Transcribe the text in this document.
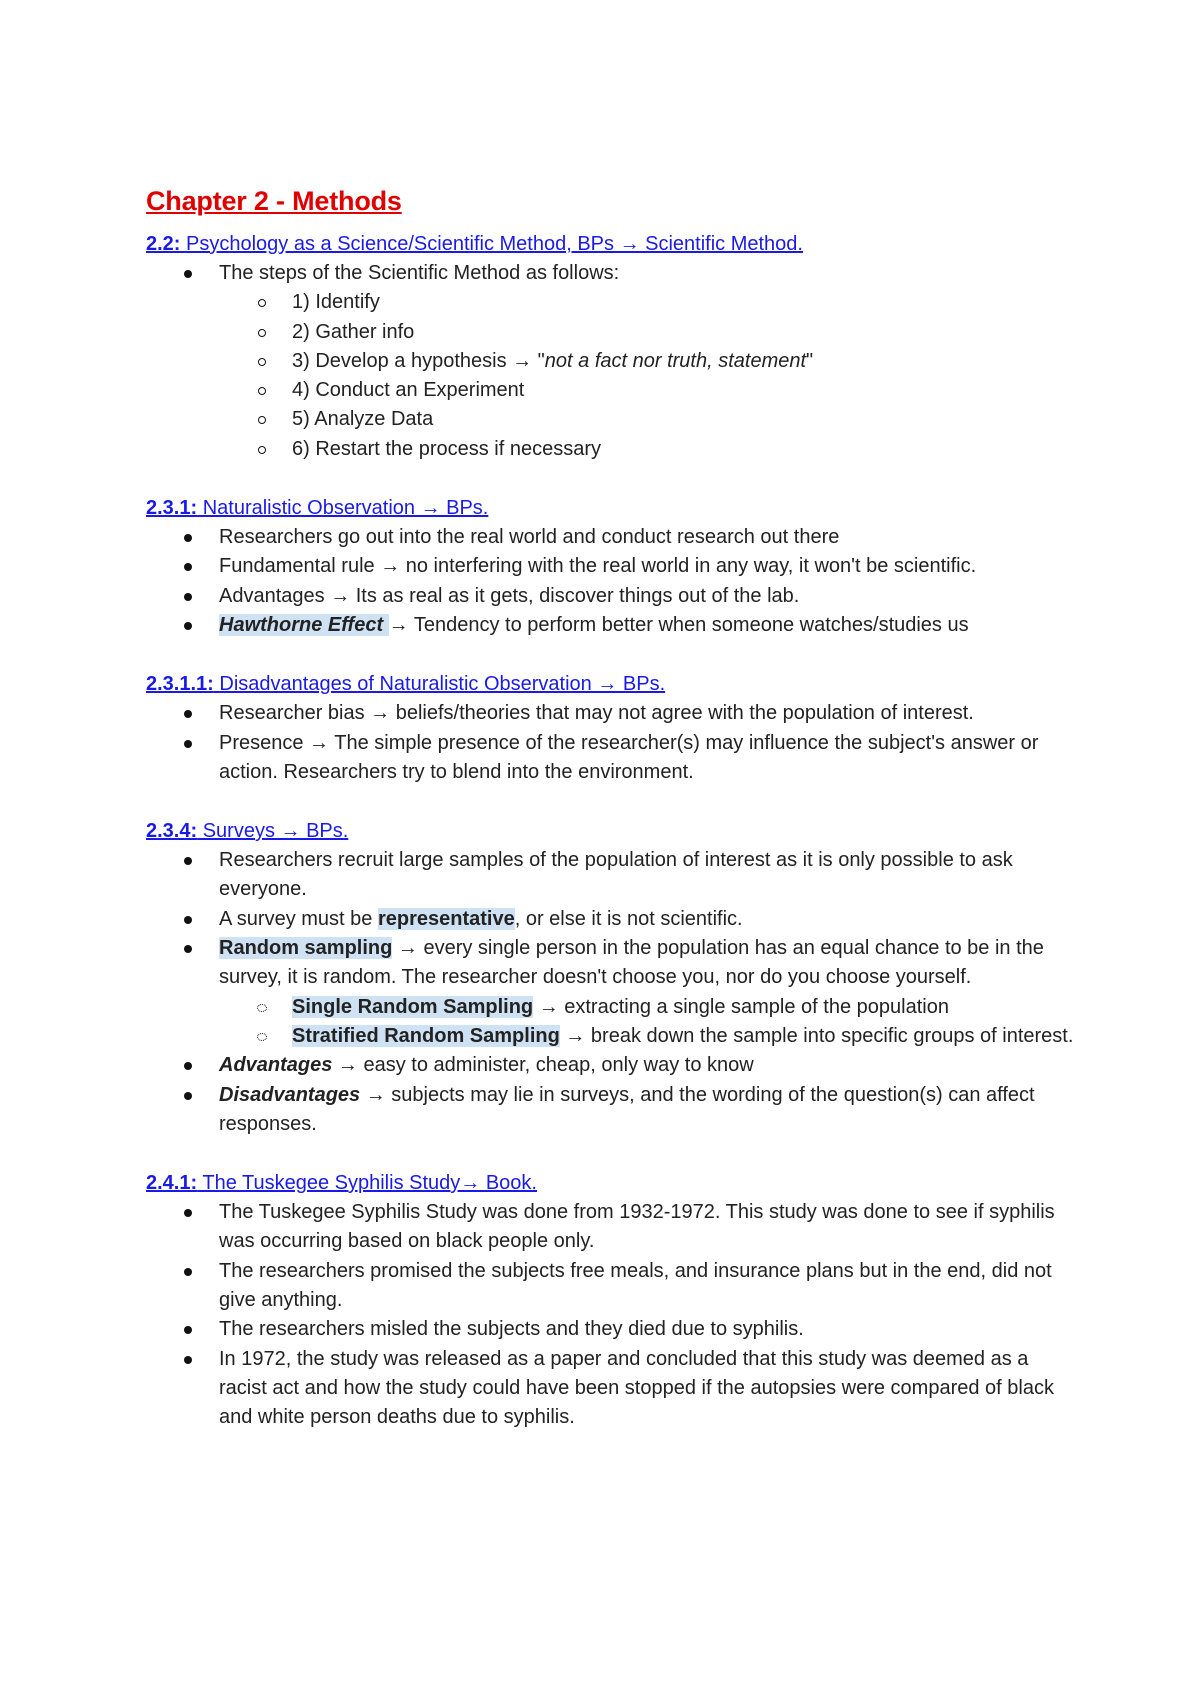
Chapter 2 - Methods
2.2: Psychology as a Science/Scientific Method, BPs → Scientific Method.
The steps of the Scientific Method as follows:
1) Identify
2) Gather info
3) Develop a hypothesis → "not a fact nor truth, statement"
4) Conduct an Experiment
5) Analyze Data
6) Restart the process if necessary
2.3.1: Naturalistic Observation → BPs.
Researchers go out into the real world and conduct research out there
Fundamental rule → no interfering with the real world in any way, it won't be scientific.
Advantages → Its as real as it gets, discover things out of the lab.
Hawthorne Effect → Tendency to perform better when someone watches/studies us
2.3.1.1: Disadvantages of Naturalistic Observation → BPs.
Researcher bias → beliefs/theories that may not agree with the population of interest.
Presence → The simple presence of the researcher(s) may influence the subject's answer or action. Researchers try to blend into the environment.
2.3.4: Surveys → BPs.
Researchers recruit large samples of the population of interest as it is only possible to ask everyone.
A survey must be representative, or else it is not scientific.
Random sampling → every single person in the population has an equal chance to be in the survey, it is random. The researcher doesn't choose you, nor do you choose yourself.
Single Random Sampling → extracting a single sample of the population
Stratified Random Sampling → break down the sample into specific groups of interest.
Advantages → easy to administer, cheap, only way to know
Disadvantages → subjects may lie in surveys, and the wording of the question(s) can affect responses.
2.4.1: The Tuskegee Syphilis Study→ Book.
The Tuskegee Syphilis Study was done from 1932-1972. This study was done to see if syphilis was occurring based on black people only.
The researchers promised the subjects free meals, and insurance plans but in the end, did not give anything.
The researchers misled the subjects and they died due to syphilis.
In 1972, the study was released as a paper and concluded that this study was deemed as a racist act and how the study could have been stopped if the autopsies were compared of black and white person deaths due to syphilis.
